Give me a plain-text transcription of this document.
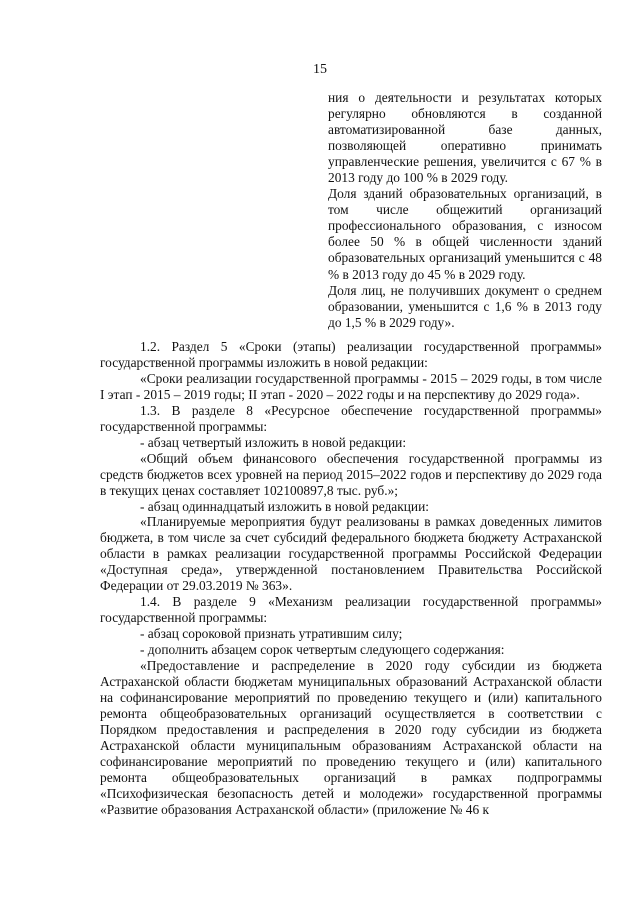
15

ния о деятельности и результатах которых регулярно обновляются в созданной автоматизированной базе данных, позволяющей оперативно принимать управленческие решения, увеличится с 67 % в 2013 году до 100 % в 2029 году.

Доля зданий образовательных организаций, в том числе общежитий организаций профессионального образования, с износом более 50 % в общей численности зданий образовательных организаций уменьшится с 48 % в 2013 году до 45 % в 2029 году.

Доля лиц, не получивших документ о среднем образовании, уменьшится с 1,6 % в 2013 году до 1,5 % в 2029 году».

1.2. Раздел 5 «Сроки (этапы) реализации государственной программы» государственной программы изложить в новой редакции:

«Сроки реализации государственной программы - 2015 – 2029 годы, в том числе I этап - 2015 – 2019 годы; II этап - 2020 – 2022 годы и на перспективу до 2029 года».

1.3. В разделе 8 «Ресурсное обеспечение государственной программы» государственной программы:

- абзац четвертый изложить в новой редакции:

«Общий объем финансового обеспечения государственной программы из средств бюджетов всех уровней на период 2015–2022 годов и перспективу до 2029 года в текущих ценах составляет 102100897,8 тыс. руб.»;

- абзац одиннадцатый изложить в новой редакции:

«Планируемые мероприятия будут реализованы в рамках доведенных лимитов бюджета, в том числе за счет субсидий федерального бюджета бюджету Астраханской области в рамках реализации государственной программы Российской Федерации «Доступная среда», утвержденной постановлением Правительства Российской Федерации от 29.03.2019 № 363».

1.4. В разделе 9 «Механизм реализации государственной программы» государственной программы:

- абзац сороковой признать утратившим силу;

- дополнить абзацем сорок четвертым следующего содержания:

«Предоставление и распределение в 2020 году субсидии из бюджета Астраханской области бюджетам муниципальных образований Астраханской области на софинансирование мероприятий по проведению текущего и (или) капитального ремонта общеобразовательных организаций осуществляется в соответствии с Порядком предоставления и распределения в 2020 году субсидии из бюджета Астраханской области муниципальным образованиям Астраханской области на софинансирование мероприятий по проведению текущего и (или) капитального ремонта общеобразовательных организаций в рамках подпрограммы «Психофизическая безопасность детей и молодежи» государственной программы «Развитие образования Астраханской области» (приложение № 46 к
